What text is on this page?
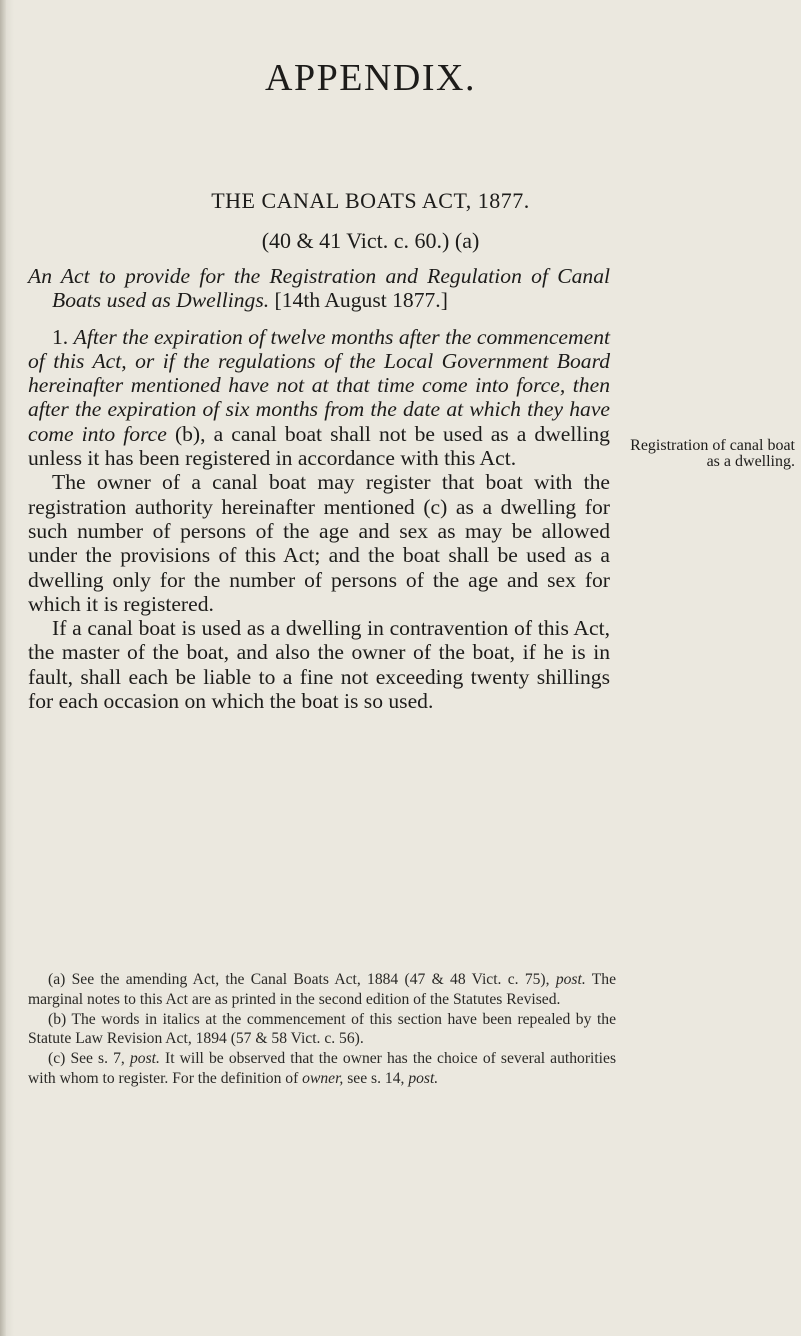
APPENDIX.
THE CANAL BOATS ACT, 1877.
(40 & 41 Vict. c. 60.) (a)

An Act to provide for the Registration and Regulation of Canal Boats used as Dwellings. [14th August 1877.]

1. After the expiration of twelve months after the commencement of this Act, or if the regulations of the Local Government Board hereinafter mentioned have not at that time come into force, then after the expiration of six months from the date at which they have come into force (b), a canal boat shall not be used as a dwelling unless it has been registered in accordance with this Act.

The owner of a canal boat may register that boat with the registration authority hereinafter mentioned (c) as a dwelling for such number of persons of the age and sex as may be allowed under the provisions of this Act; and the boat shall be used as a dwelling only for the number of persons of the age and sex for which it is registered.

If a canal boat is used as a dwelling in contravention of this Act, the master of the boat, and also the owner of the boat, if he is in fault, shall each be liable to a fine not exceeding twenty shillings for each occasion on which the boat is so used.

Registration of canal boat as a dwelling.

(a) See the amending Act, the Canal Boats Act, 1884 (47 & 48 Vict. c. 75), post. The marginal notes to this Act are as printed in the second edition of the Statutes Revised.

(b) The words in italics at the commencement of this section have been repealed by the Statute Law Revision Act, 1894 (57 & 58 Vict. c. 56).

(c) See s. 7, post. It will be observed that the owner has the choice of several authorities with whom to register. For the definition of owner, see s. 14, post.
